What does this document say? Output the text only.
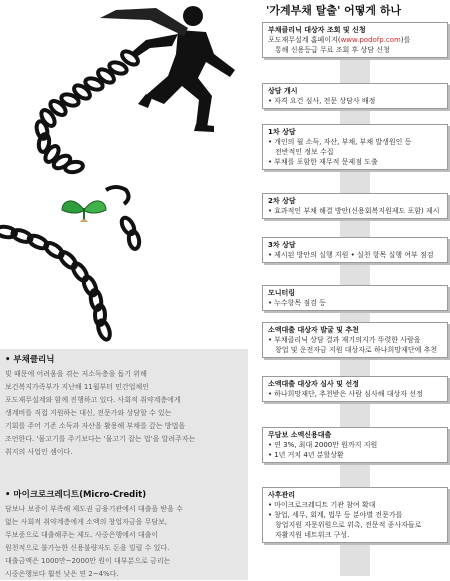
'가계부채 탈출' 어떻게 하나
부채클리닉 대상자 조회 및 신청
포도재무설계 홈페이지(www.podofp.com)를
통해 신용등급 무료 조회 후 상담 신청
상담 개시
• 자격 요건 심사, 전문 상담사 배정
1차 상담
• 개인의 월 소득, 자산, 부채, 부채 발생원인 등
전반적인 정보 수집
• 부채를 포함한 재무적 문제점 도출
2차 상담
• 효과적인 부채 해결 방안(신용회복지원제도 포함) 제시
3차 상담
• 제시된 방안의 실행 지원 • 실천 항목 실행 여부 점검
모니터링
• 누수항목 점검 등
소액대출 대상자 발굴 및 추천
• 부채클리닉 상담 결과 재기의지가 뚜렷한 사람을
창업 및 운전자금 지원 대상자로 하나희망재단에 추천
소액대출 대상자 심사 및 선정
• 하나희망재단, 추천받은 사람 심사해 대상자 선정
무담보 소액신용대출
• 연 3%, 최대 2000만 원까지 지원
• 1년 거치 4년 분할상환
사후관리
• 마이크로크레디트 기관 참여 확대
• 창업, 세무, 회계, 법무 등 분야별 전문가를
창업지원 자문위원으로 위촉, 전문적 종사자들로
자활지원 네트워크 구성.
• 부채클리닉
빚 때문에 어려움을 겪는 저소득층을 돕기 위해
보건복지가족부가 지난해 11월부터 민간업체인
포도재무설계와 함께 진행하고 있다. 사회적 취약계층에게
생계비를 직접 지원하는 대신, 전문가와 상담할 수 있는
기회를 주어 기존 소득과 자산을 활용해 부채를 갚는 방법을
조언한다. '물고기를 주기보다는 '물고기 잡는 법'을 알려주자는
취지의 사업인 셈이다.
• 마이크로크레디트(Micro-Credit)
담보나 보증이 부족해 제도권 금융기관에서 대출을 받을 수
없는 사회적 취약계층에게 소액의 창업자금을 무담보,
무보증으로 대출해주는 제도. 사중은행에서 대출이
원천적으로 불가능한 신용불량자도 돈을 빌릴 수 있다.
대출금액은 1000만~2000만 원이 대부분으로 금리는
시중은행보다 훨씬 낮은 연 2~4%다.
